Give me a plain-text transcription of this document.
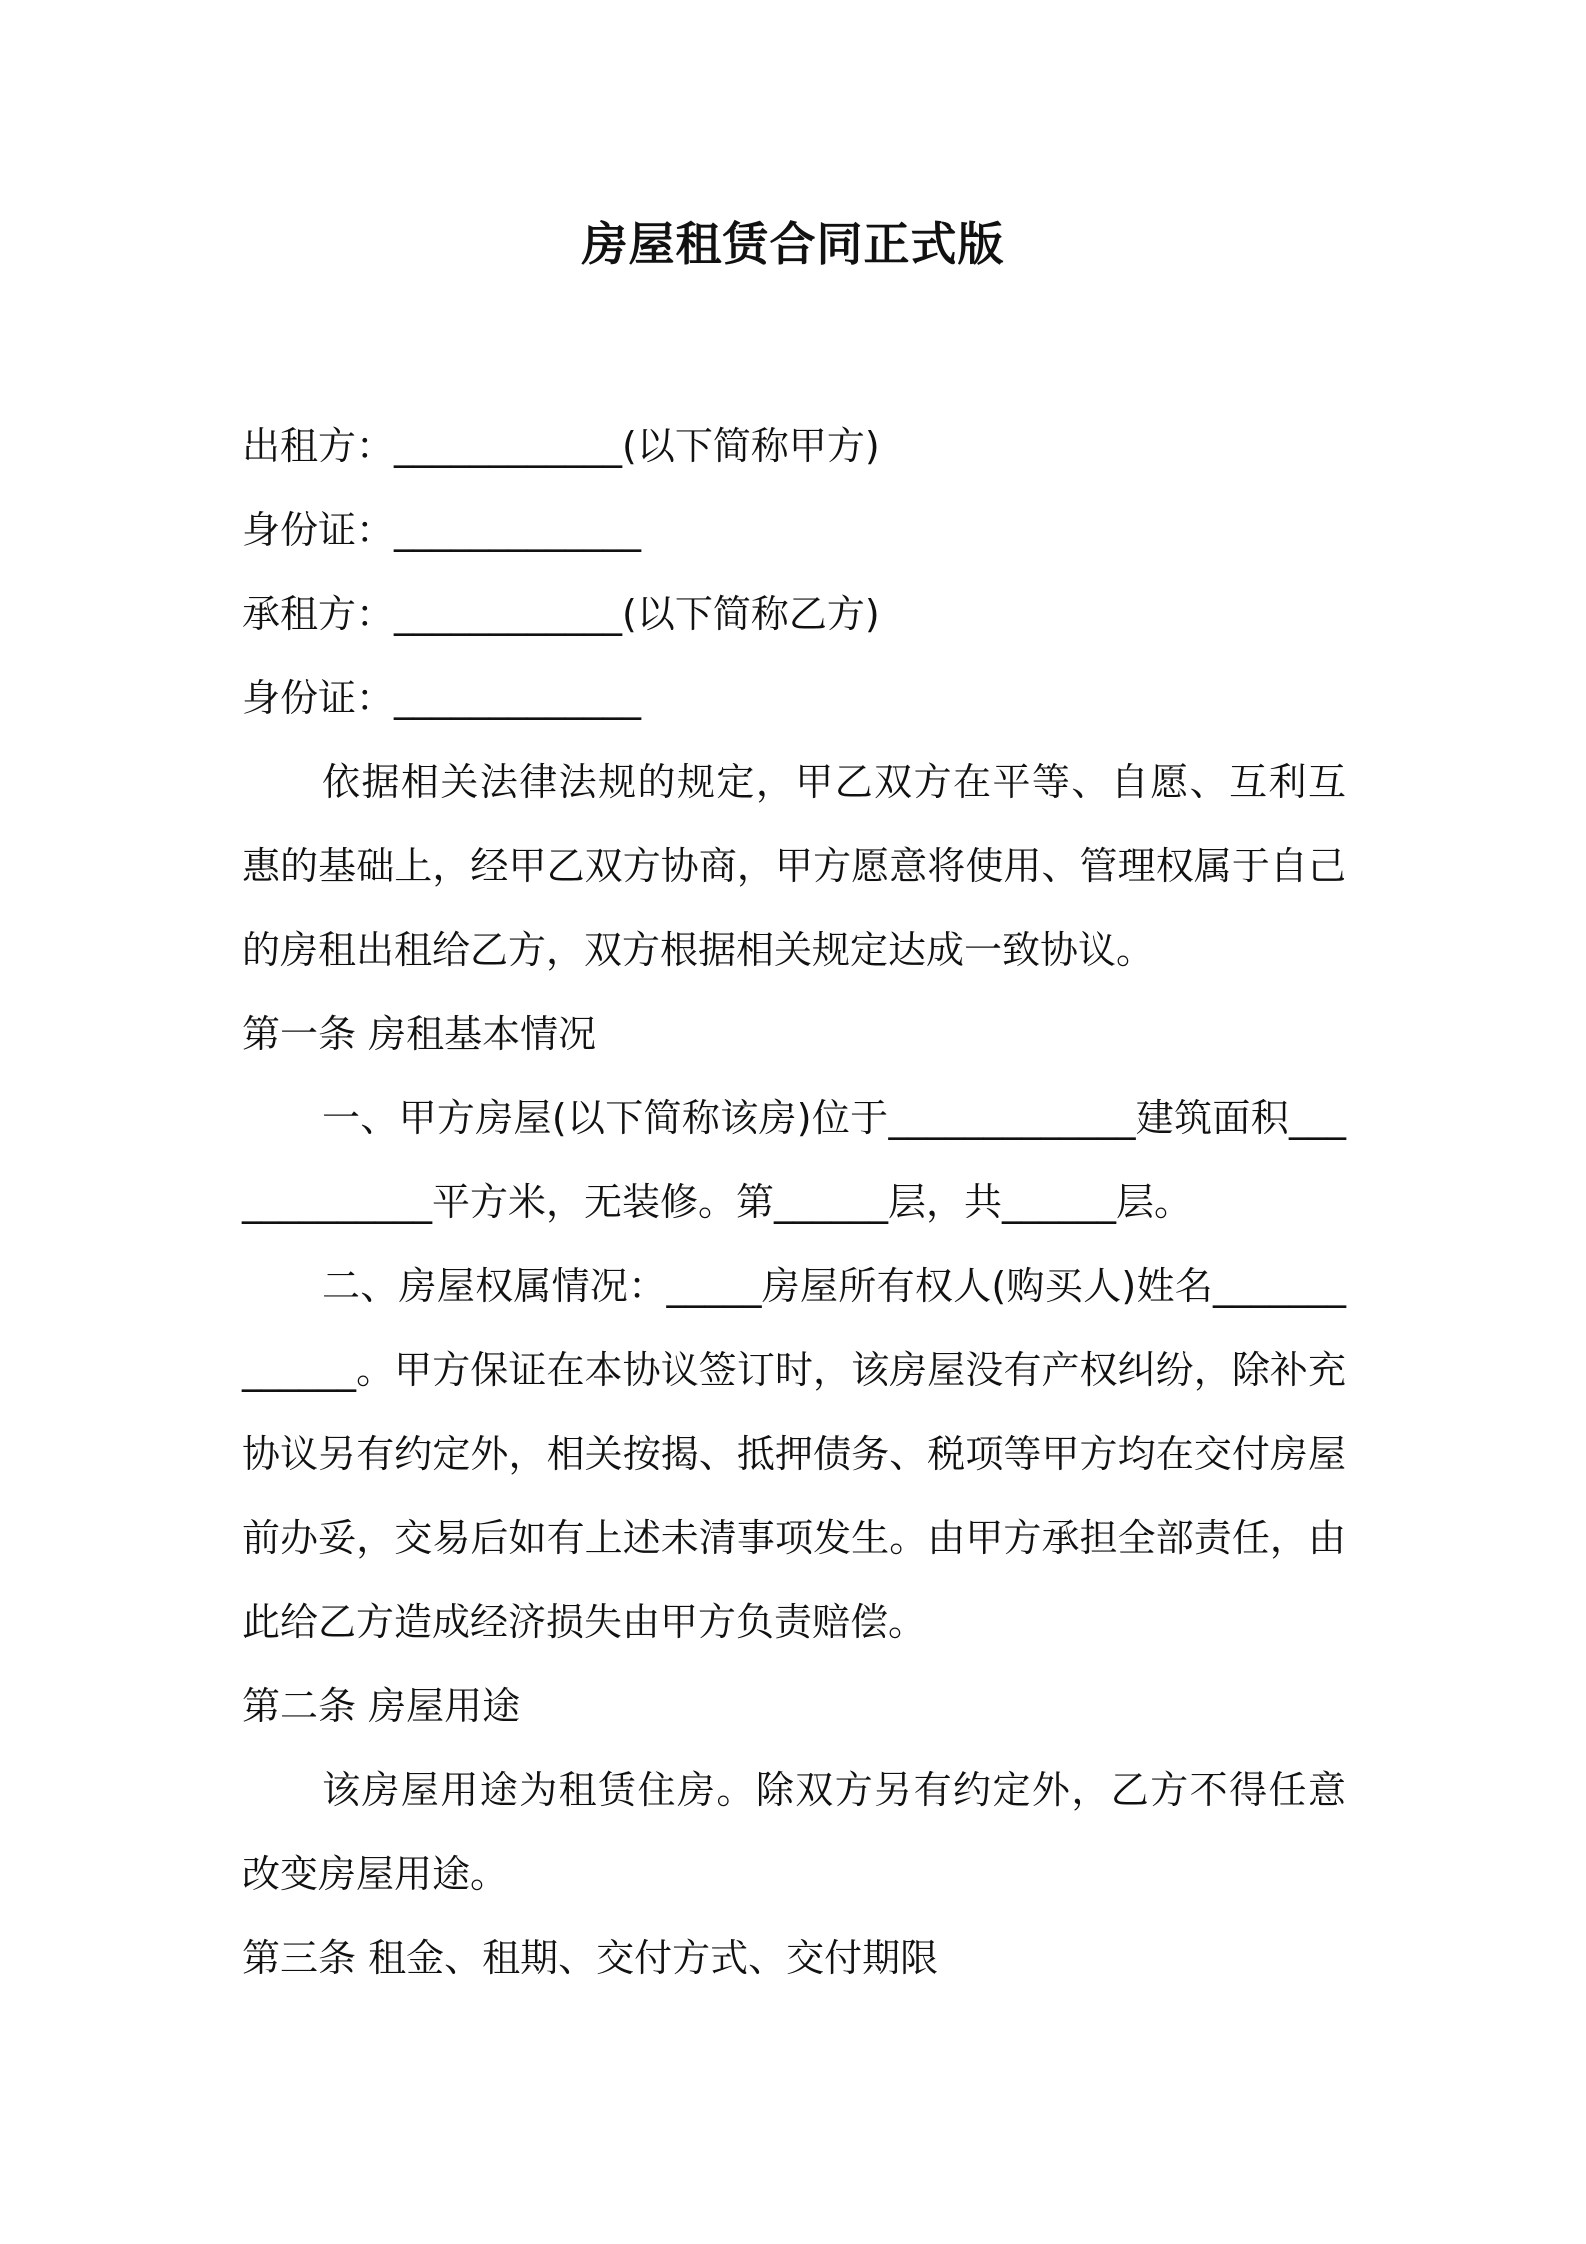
房屋租赁合同正式版

出租方：____________(以下简称甲方)

身份证：_____________

承租方：____________(以下简称乙方)

身份证：_____________

依据相关法律法规的规定，甲乙双方在平等、自愿、互利互惠的基础上，经甲乙双方协商，甲方愿意将使用、管理权属于自己的房租出租给乙方，双方根据相关规定达成一致协议。

第一条 房租基本情况

一、甲方房屋(以下简称该房)位于_____________建筑面积_____________平方米，无装修。第______层，共______层。

二、房屋权属情况：_____房屋所有权人(购买人)姓名_____________。甲方保证在本协议签订时，该房屋没有产权纠纷，除补充协议另有约定外，相关按揭、抵押债务、税项等甲方均在交付房屋前办妥，交易后如有上述未清事项发生。由甲方承担全部责任，由此给乙方造成经济损失由甲方负责赔偿。

第二条 房屋用途

该房屋用途为租赁住房。除双方另有约定外，乙方不得任意改变房屋用途。

第三条 租金、租期、交付方式、交付期限
